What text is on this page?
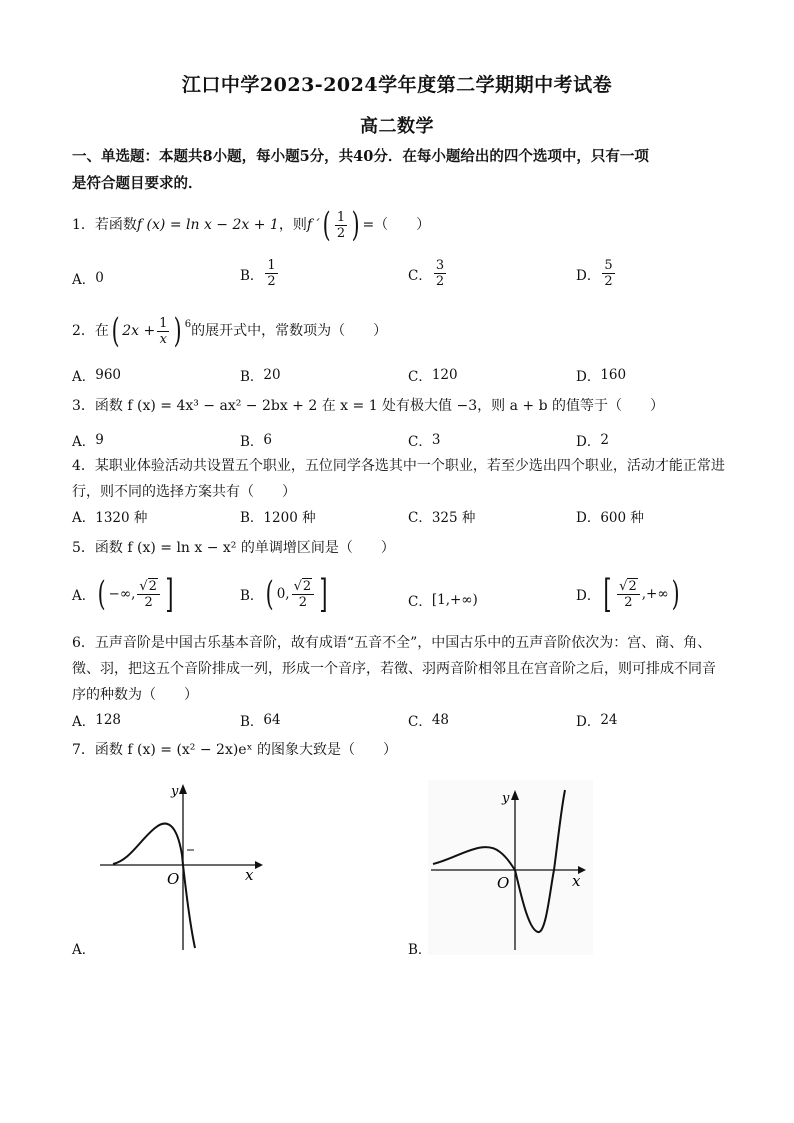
江口中学2023-2024学年度第二学期期中考试卷
高二数学
一、单选题：本题共8小题，每小题5分，共40分．在每小题给出的四个选项中，只有一项
是符合题目要求的．
1．若函数 f (x) = ln x − 2x + 1 ，则 f ′ ( $\frac{1}{2}$ ) =（　　）
A． 0	B． $\frac{1}{2}$	C． $\frac{3}{2}$	D． $\frac{5}{2}$
2．在 ( $2x + \frac{1}{x}$ ) 6 的展开式中，常数项为（　　）
A． 960	B． 20	C． 120	D． 160
3．函数 f (x) = 4x³ − ax² − 2bx + 2 在 x = 1 处有极大值 −3，则 a + b 的值等于（　　）
A． 9	B． 6	C． 3	D． 2
4．某职业体验活动共设置五个职业，五位同学各选其中一个职业，若至少选出四个职业，活动才能正常进
行，则不同的选择方案共有（　　）
A． 1320 种	B． 1200 种	C． 325 种	D． 600 种
5．函数 f (x) = ln x − x² 的单调增区间是（　　）
A． ( −∞, $\frac{√2}{2}$ ]	B． ( 0, $\frac{√2}{2}$ ]	C． [1,+∞)	D． [ $\frac{√2}{2}$ ,+∞ )
6．五声音阶是中国古乐基本音阶，故有成语“五音不全”，中国古乐中的五声音阶依次为：宫、商、角、
徵、羽，把这五个音阶排成一列，形成一个音序，若徵、羽两音阶相邻且在宫音阶之后，则可排成不同音
序的种数为（　　）
A． 128	B． 64	C． 48	D． 24
7．函数 f (x) = (x² − 2x)eˣ 的图象大致是（　　）
y
x
O
A．
y
x
O
B．
